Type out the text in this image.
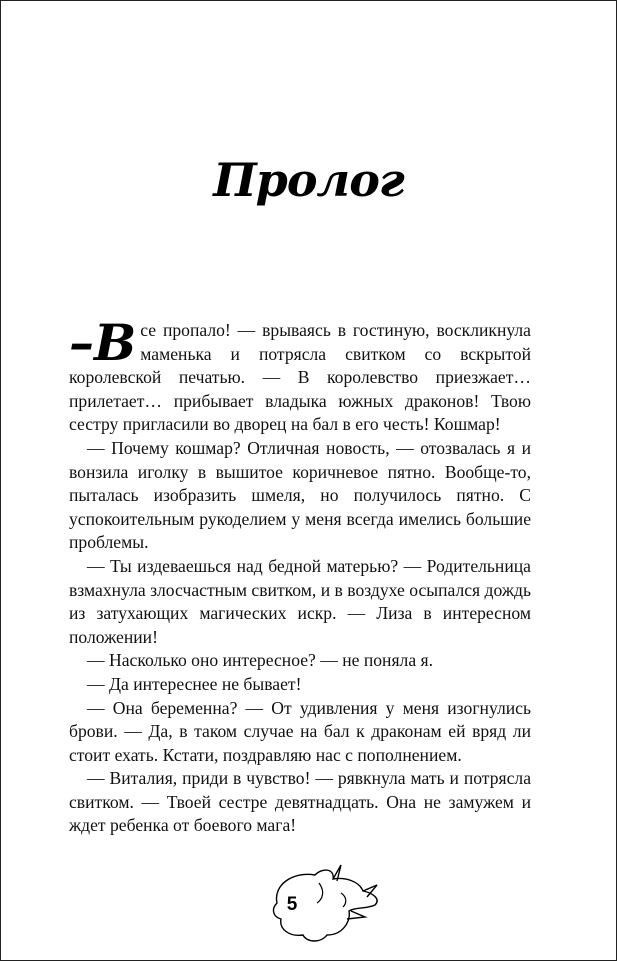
Пролог

–В се пропало! — врываясь в гостиную, воскликнула маменька и потрясла свитком со вскрытой королевской печатью. — В королевство приезжает… прилетает… прибывает владыка южных драконов! Твою сестру пригласили во дворец на бал в его честь! Кошмар!

— Почему кошмар? Отличная новость, — отозвалась я и вонзила иголку в вышитое коричневое пятно. Вообще-то, пыталась изобразить шмеля, но получилось пятно. С успокоительным рукоделием у меня всегда имелись большие проблемы.

— Ты издеваешься над бедной матерью? — Родительница взмахнула злосчастным свитком, и в воздухе осыпался дождь из затухающих магических искр. — Лиза в интересном положении!

— Насколько оно интересное? — не поняла я.

— Да интереснее не бывает!

— Она беременна? — От удивления у меня изогнулись брови. — Да, в таком случае на бал к драконам ей вряд ли стоит ехать. Кстати, поздравляю нас с пополнением.

— Виталия, приди в чувство! — рявкнула мать и потрясла свитком. — Твоей сестре девятнадцать. Она не замужем и ждет ребенка от боевого мага!

5
